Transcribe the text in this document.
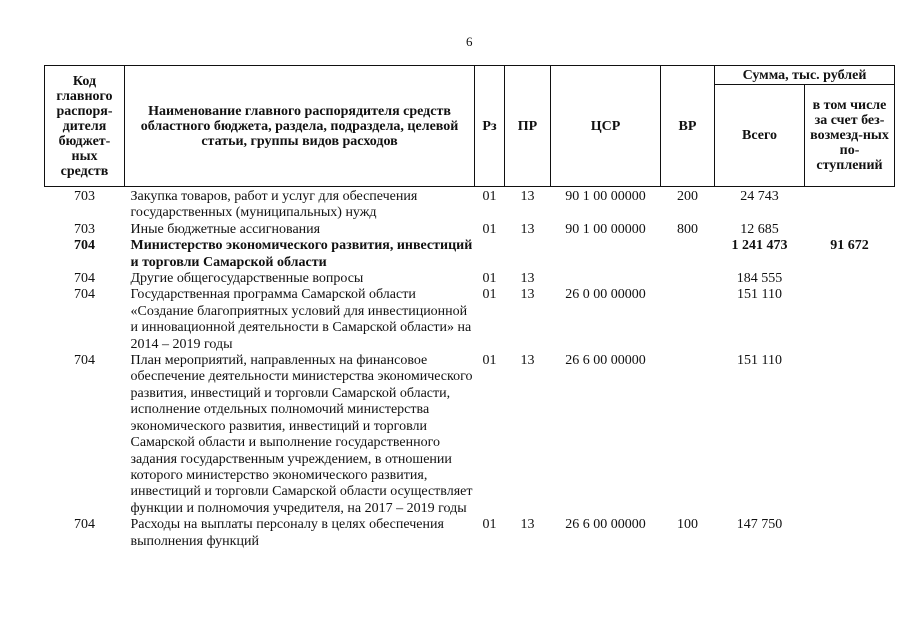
6
Код главного распоря-дителя бюджет-ных средств	Наименование главного распорядителя средств областного бюджета, раздела, подраздела, целевой статьи, группы видов расходов	Рз	ПР	ЦСР	ВР	Сумма, тыс. рублей	
						Всего	в том числе за счет без-возмезд-ных по-ступлений
703	Закупка товаров, работ и услуг для обеспечения государственных (муниципальных) нужд	01	13	90 1 00 00000	200	24 743	
703	Иные бюджетные ассигнования	01	13	90 1 00 00000	800	12 685	
704	Министерство экономического развития, инвестиций и торговли Самарской области					1 241 473	91 672
704	Другие общегосударственные вопросы	01	13			184 555	
704	Государственная программа Самарской области «Создание благоприятных условий для инвестиционной и инновационной деятельности в Самарской области» на 2014 – 2019 годы	01	13	26 0 00 00000		151 110	
704	План мероприятий, направленных на финансовое обеспечение деятельности министерства экономического развития, инвестиций и торговли Самарской области, исполнение отдельных полномочий министерства экономического развития, инвестиций и торговли Самарской области и выполнение государственного задания государственным учреждением, в отношении которого министерство экономического развития, инвестиций и торговли Самарской области осуществляет функции и полномочия учредителя, на 2017 – 2019 годы	01	13	26 6 00 00000		151 110	
704	Расходы на выплаты персоналу в целях обеспечения выполнения функций	01	13	26 6 00 00000	100	147 750	
